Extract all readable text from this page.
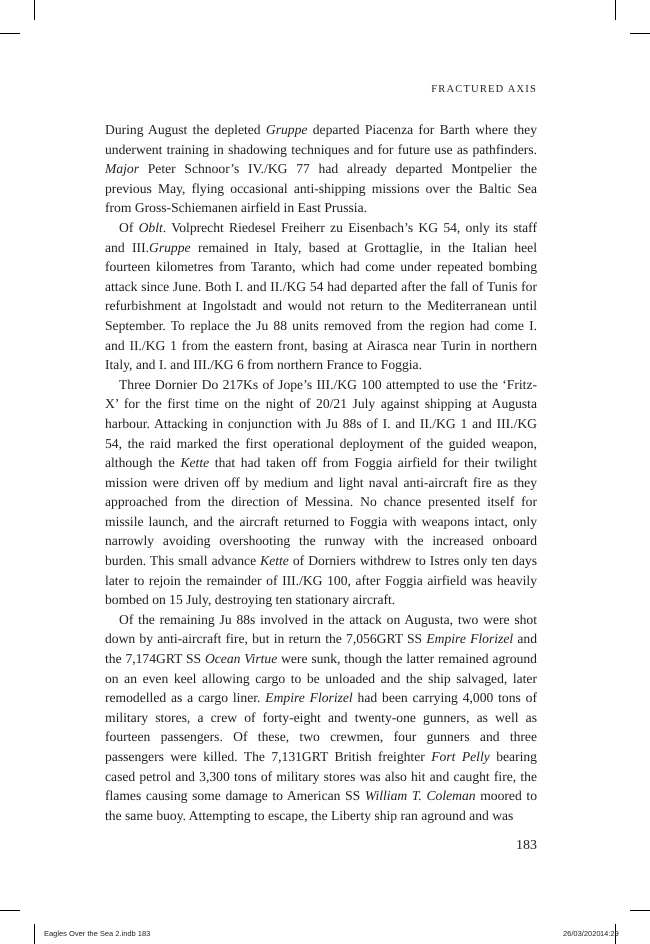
FRACTURED AXIS

During August the depleted Gruppe departed Piacenza for Barth where they underwent training in shadowing techniques and for future use as pathfinders. Major Peter Schnoor’s IV./KG 77 had already departed Montpelier the previous May, flying occasional anti-shipping missions over the Baltic Sea from Gross-Schiemanen airfield in East Prussia.

Of Oblt. Volprecht Riedesel Freiherr zu Eisenbach’s KG 54, only its staff and III.Gruppe remained in Italy, based at Grottaglie, in the Italian heel fourteen kilometres from Taranto, which had come under repeated bombing attack since June. Both I. and II./KG 54 had departed after the fall of Tunis for refurbishment at Ingolstadt and would not return to the Mediterranean until September. To replace the Ju 88 units removed from the region had come I. and II./KG 1 from the eastern front, basing at Airasca near Turin in northern Italy, and I. and III./KG 6 from northern France to Foggia.

Three Dornier Do 217Ks of Jope’s III./KG 100 attempted to use the ‘Fritz-X’ for the first time on the night of 20/21 July against shipping at Augusta harbour. Attacking in conjunction with Ju 88s of I. and II./KG 1 and III./KG 54, the raid marked the first operational deployment of the guided weapon, although the Kette that had taken off from Foggia airfield for their twilight mission were driven off by medium and light naval anti-aircraft fire as they approached from the direction of Messina. No chance presented itself for missile launch, and the aircraft returned to Foggia with weapons intact, only narrowly avoiding overshooting the runway with the increased onboard burden. This small advance Kette of Dorniers withdrew to Istres only ten days later to rejoin the remainder of III./KG 100, after Foggia airfield was heavily bombed on 15 July, destroying ten stationary aircraft.

Of the remaining Ju 88s involved in the attack on Augusta, two were shot down by anti-aircraft fire, but in return the 7,056GRT SS Empire Florizel and the 7,174GRT SS Ocean Virtue were sunk, though the latter remained aground on an even keel allowing cargo to be unloaded and the ship salvaged, later remodelled as a cargo liner. Empire Florizel had been carrying 4,000 tons of military stores, a crew of forty-eight and twenty-one gunners, as well as fourteen passengers. Of these, two crewmen, four gunners and three passengers were killed. The 7,131GRT British freighter Fort Pelly bearing cased petrol and 3,300 tons of military stores was also hit and caught fire, the flames causing some damage to American SS William T. Coleman moored to the same buoy. Attempting to escape, the Liberty ship ran aground and was

183
Eagles Over the Sea 2.indb 183	26/03/2020 14:29
